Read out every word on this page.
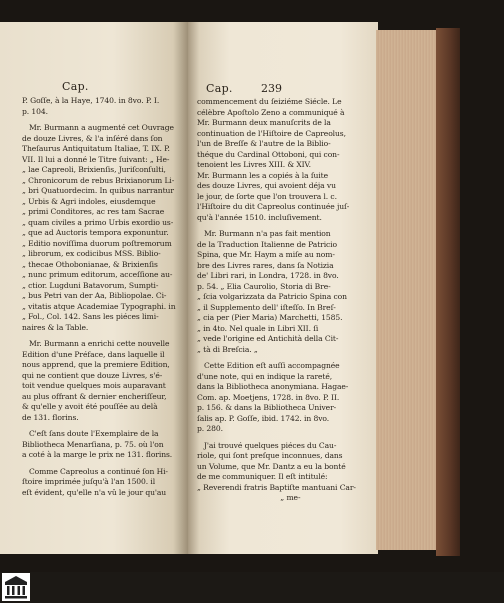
Cap.	Cap.	239
P. Goſſe, à la Haye, 1740. in 8vo. P. I.
p. 104.
Mr. Burmann a augmenté cet Ouvrage
de douze Livres, & l'a inſéré dans ſon
Theſaurus Antiquitatum Italiae, T. IX. P.
VII. Il lui a donné le Titre ſuivant: „ He-
„ lae Capreoli, Brixienſis, Juriſconſulti,
„ Chronicorum de rebus Brixianorum Li-
„ bri Quatuordecim. In quibus narrantur
„ Urbis & Agri indoles, eiusdemque
„ primi Conditores, ac res tam Sacrae
„ quam civiles a primo Urbis exordio us-
„ que ad Auctoris tempora exponuntur.
„ Editio noviſſima duorum poſtremorum
„ librorum, ex codicibus MSS. Biblio-
„ thecae Othobonianae, & Brixienſis
„ nunc primum editorum, acceſſione au-
„ ctior. Lugduni Batavorum, Sumpti-
„ bus Petri van der Aa, Bibliopolae. Ci-
„ vitatis atque Academiae Typographi. in
„ Fol., Col. 142. Sans les piéces limi-
naires & la Table.
Mr. Burmann a enrichi cette nouvelle
Edition d'une Préface, dans laquelle il
nous apprend, que la premiere Edition,
qui ne contient que douze Livres, s'é-
toit vendue quelques mois auparavant
au plus offrant & dernier encheriſſeur,
& qu'elle y avoit été pouſſée au delà
de 131. florins.
C'eſt ſans doute l'Exemplaire de la
Bibliotheca Menarſiana, p. 75. où l'on
a coté à la marge le prix ne 131. florins.
Comme Capreolus a continué ſon Hi-
ſtoire imprimée juſqu'à l'an 1500. il
eſt évident, qu'elle n'a vû le jour qu'au
commencement du ſeiziéme Siécle. Le
célèbre Apoſtolo Zeno a communiqué à
Mr. Burmann deux manuſcrits de la
continuation de l'Hiſtoire de Capreolus,
l'un de Breſſe & l'autre de la Biblio-
théque du Cardinal Ottoboni, qui con-
tenoient les Livres XIII. & XIV.
Mr. Burmann les a copiés à la ſuite
des douze Livres, qui avoient déja vu
le jour, de ſorte que l'on trouvera l. c.
l'Hiſtoire du dit Capreolus continuée juſ-
qu'à l'année 1510. incluſivement.
Mr. Burmann n'a pas fait mention
de la Traduction Italienne de Patricio
Spina, que Mr. Haym a miſe au nom-
bre des Livres rares, dans ſa Notizia
de' Libri rari, in Londra, 1728. in 8vo.
p. 54. „ Elia Caurolio, Storia di Bre-
„ ſcia volgarizzata da Patricio Spina con
„ il Supplemento dell' iſteſſo. In Breſ-
„ cia per (Pier Maria) Marchetti, 1585.
„ in 4to. Nel quale in Libri XII. ſi
„ vede l'origine ed Antichità della Cit-
„ tà di Breſcia. „
Cette Edition eſt auſſi accompagnée
d'une note, qui en indique la rareté,
dans la Bibliotheca anonymiana. Hagae-
Com. ap. Moetjens, 1728. in 8vo. P. II.
p. 156. & dans la Bibliotheca Univer-
ſalis ap. P. Goſſe, ibid. 1742. in 8vo.
p. 280.
J'ai trouvé quelques piéces du Cau-
riole, qui ſont preſque inconnues, dans
un Volume, que Mr. Dantz a eu la bonté
de me communiquer. Il eſt intitulé:
„ Reverendi fratris Baptiſte mantuani Car-
„ me-
